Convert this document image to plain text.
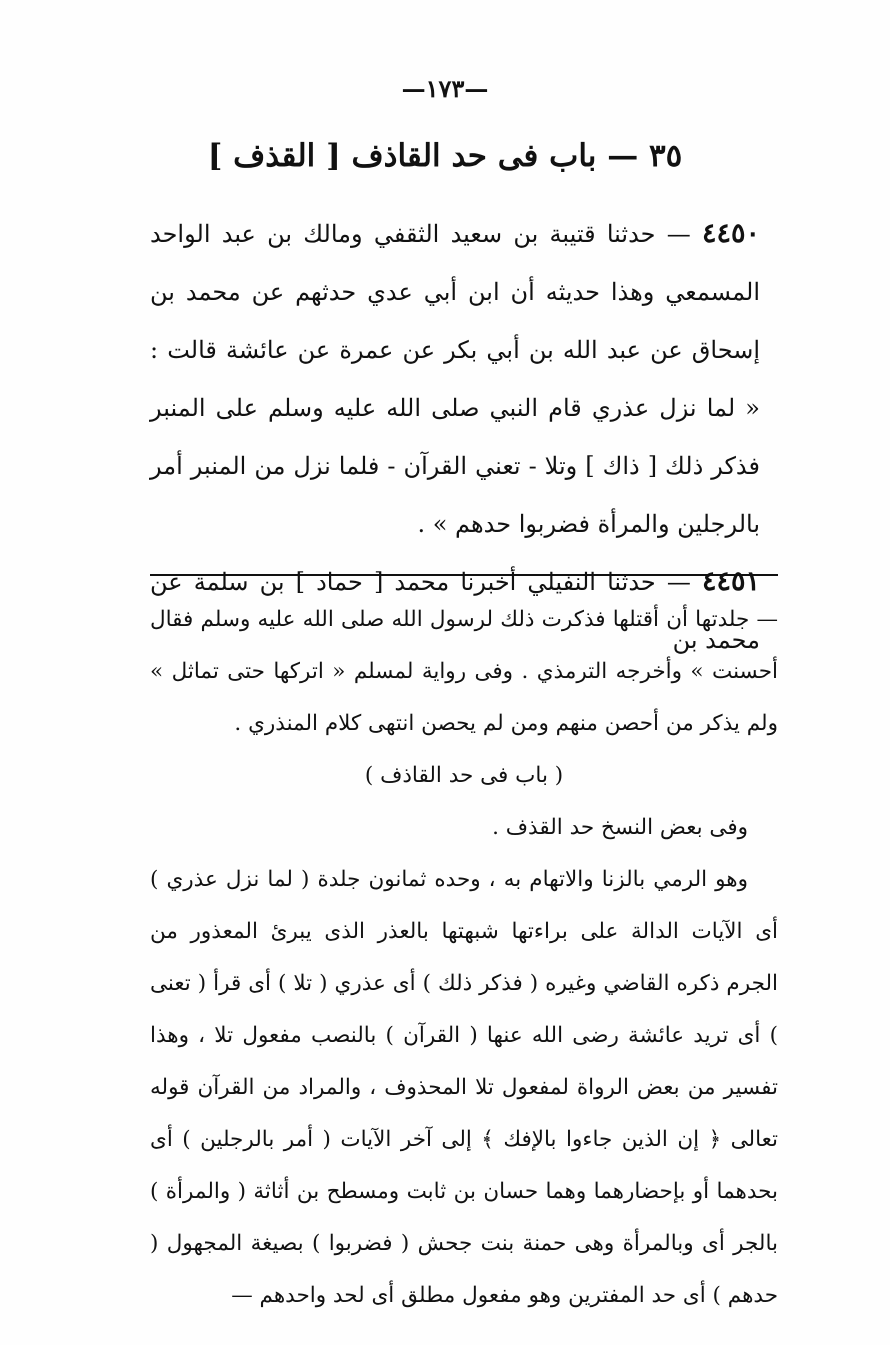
—١٧٣—
٣٥ — باب فى حد القاذف [ القذف ]

٤٤٥٠ — حدثنا قتيبة بن سعيد الثقفي ومالك بن عبد الواحد المسمعي وهذا حديثه أن ابن أبي عدي حدثهم عن محمد بن إسحاق عن عبد الله بن أبي بكر عن عمرة عن عائشة قالت : « لما نزل عذري قام النبي صلى الله عليه وسلم على المنبر فذكر ذلك [ ذاك ] وتلا - تعني القرآن - فلما نزل من المنبر أمر بالرجلين والمرأة فضربوا حدهم » .

٤٤٥١ — حدثنا النفيلي أخبرنا محمد [ حماد ] بن سلمة عن محمد بن

— جلدتها أن أقتلها فذكرت ذلك لرسول الله صلى الله عليه وسلم فقال أحسنت » وأخرجه الترمذي . وفى رواية لمسلم « اتركها حتى تماثل » ولم يذكر من أحصن منهم ومن لم يحصن انتهى كلام المنذري .

( باب فى حد القاذف )

وفى بعض النسخ حد القذف .

وهو الرمي بالزنا والاتهام به ، وحده ثمانون جلدة ( لما نزل عذري ) أى الآيات الدالة على براءتها شبهتها بالعذر الذى يبرئ المعذور من الجرم ذكره القاضي وغيره ( فذكر ذلك ) أى عذري ( تلا ) أى قرأ ( تعنى ) أى تريد عائشة رضى الله عنها ( القرآن ) بالنصب مفعول تلا ، وهذا تفسير من بعض الرواة لمفعول تلا المحذوف ، والمراد من القرآن قوله تعالى ﴿ إن الذين جاءوا بالإفك ﴾ إلى آخر الآيات ( أمر بالرجلين ) أى بحدهما أو بإحضارهما وهما حسان بن ثابت ومسطح بن أثاثة ( والمرأة ) بالجر أى وبالمرأة وهى حمنة بنت جحش ( فضربوا ) بصيغة المجهول ( حدهم ) أى حد المفترين وهو مفعول مطلق أى لحد واحدهم —
